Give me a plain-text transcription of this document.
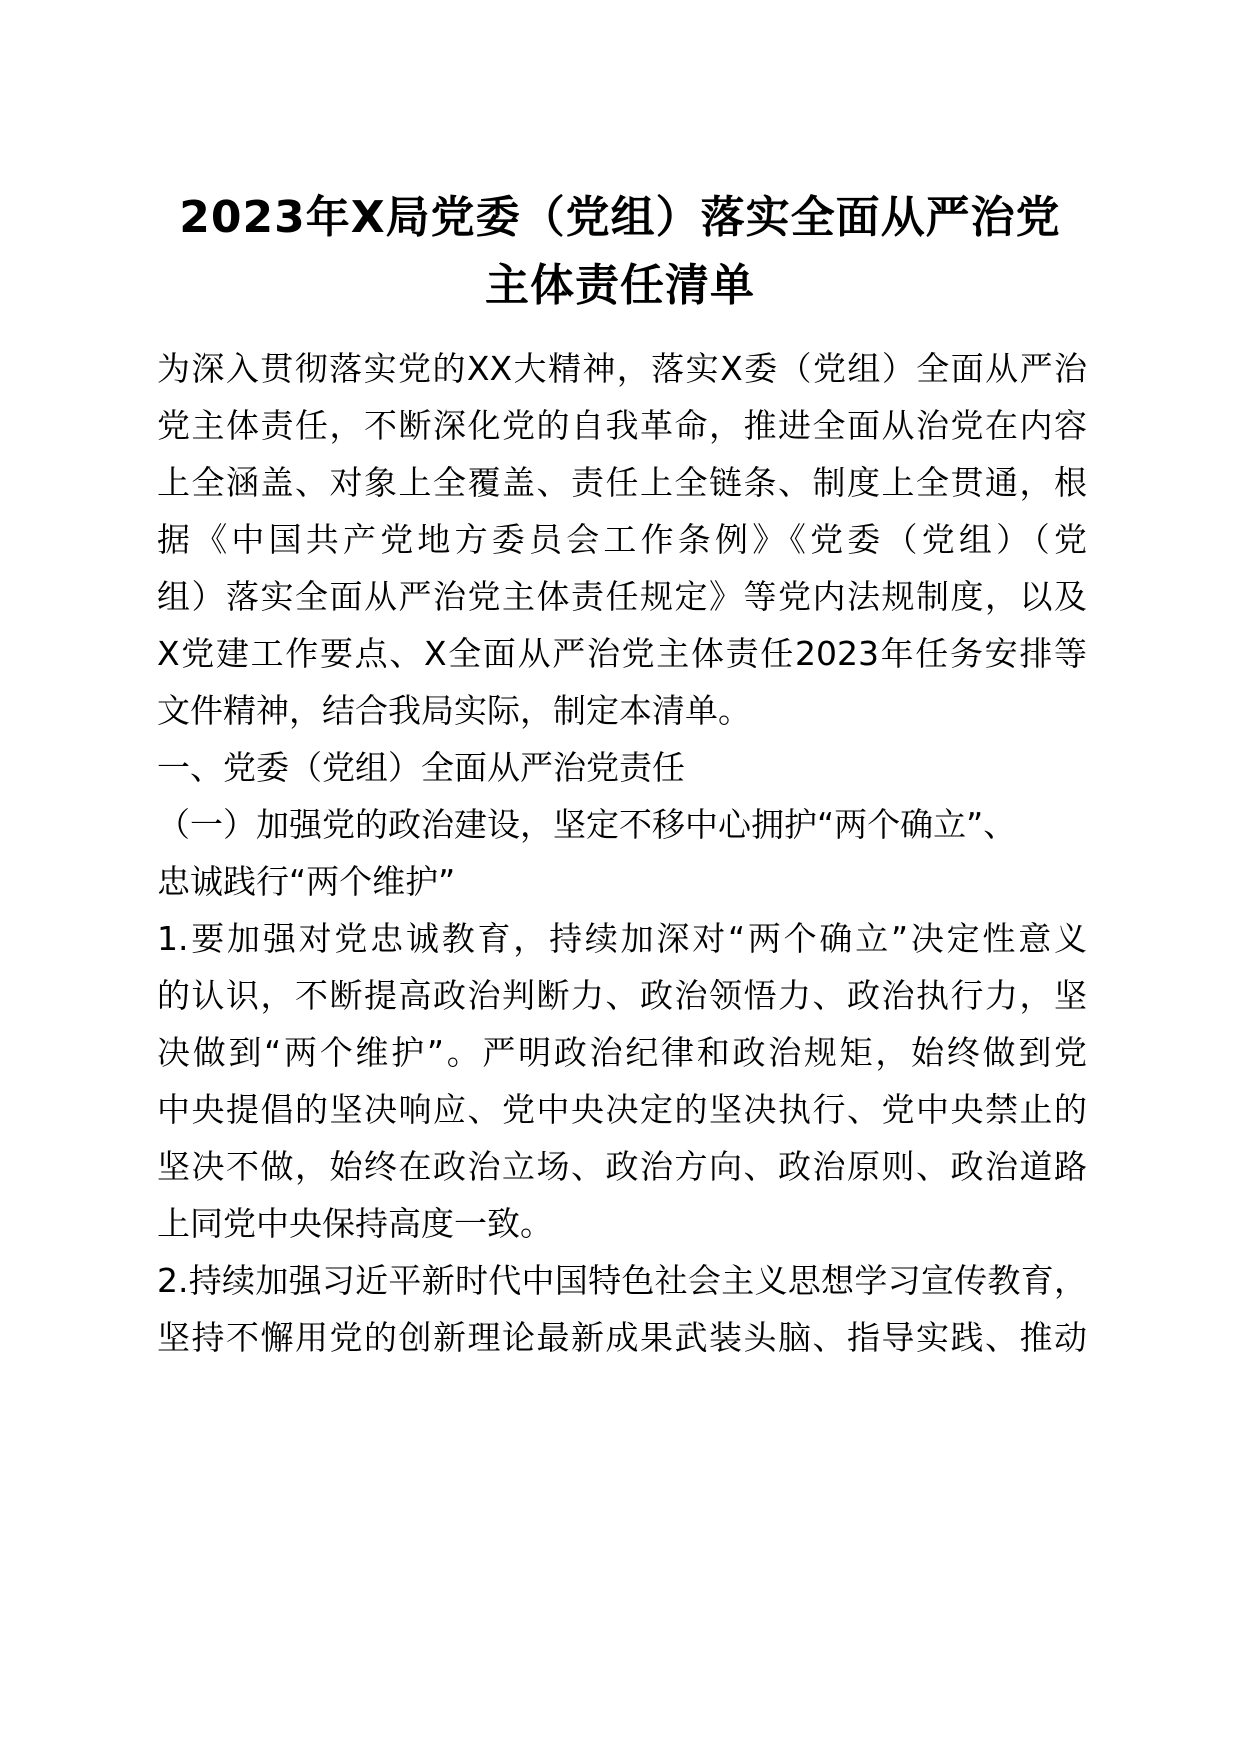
2023年X局党委（党组）落实全面从严治党
主体责任清单

为深入贯彻落实党的XX大精神，落实X委（党组）全面从严治

党主体责任，不断深化党的自我革命，推进全面从治党在内容

上全涵盖、对象上全覆盖、责任上全链条、制度上全贯通，根

据《中国共产党地方委员会工作条例》《党委（党组）（党

组）落实全面从严治党主体责任规定》等党内法规制度，以及

X党建工作要点、X全面从严治党主体责任2023年任务安排等

文件精神，结合我局实际，制定本清单。

一、党委（党组）全面从严治党责任

（一）加强党的政治建设，坚定不移中心拥护“两个确立”、

忠诚践行“两个维护”

1.要加强对党忠诚教育，持续加深对“两个确立”决定性意义

的认识，不断提高政治判断力、政治领悟力、政治执行力，坚

决做到“两个维护”。严明政治纪律和政治规矩，始终做到党

中央提倡的坚决响应、党中央决定的坚决执行、党中央禁止的

坚决不做，始终在政治立场、政治方向、政治原则、政治道路

上同党中央保持高度一致。

2.持续加强习近平新时代中国特色社会主义思想学习宣传教育，

坚持不懈用党的创新理论最新成果武装头脑、指导实践、推动
